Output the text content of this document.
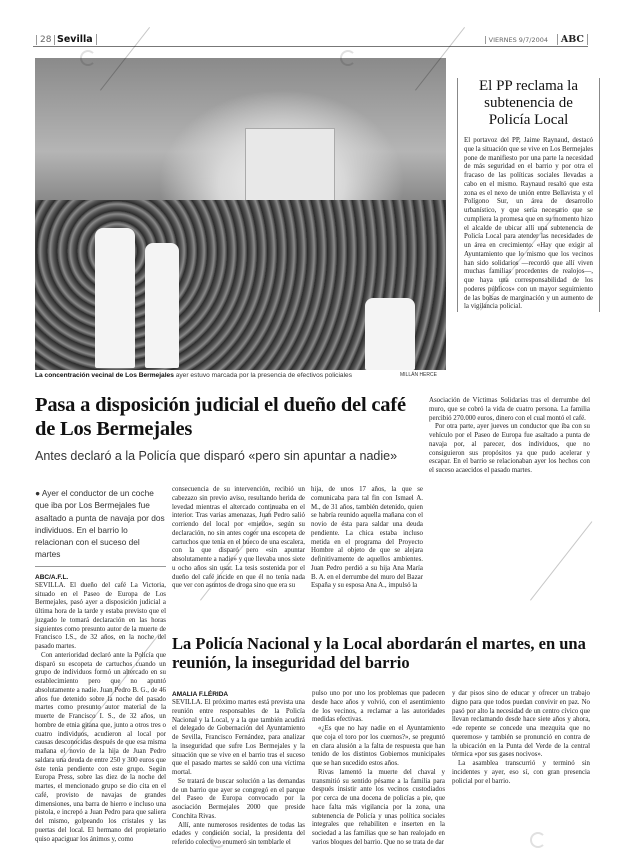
28 Sevilla	VIERNES 9/7/2004	ABC
La concentración vecinal de Los Bermejales ayer estuvo marcada por la presencia de efectivos policiales	MILLÁN HERCE
El PP reclama la subtenencia de Policía Local

El portavoz del PP, Jaime Raynaud, destacó que la situación que se vive en Los Bermejales pone de manifiesto por una parte la necesidad de más seguridad en el barrio y por otra el fracaso de las políticas sociales llevadas a cabo en el mismo. Raynaud resaltó que esta zona es el nexo de unión entre Bellavista y el Polígono Sur, un área de desarrollo urbanístico, y que sería necesario que se cumpliera la promesa que en su momento hizo el alcalde de ubicar allí una subtenencia de Policía Local para atender las necesidades de un área en crecimiento. «Hay que exigir al Ayuntamiento que lo mismo que los vecinos han sido solidarios —recordó que allí viven muchas familias procedentes de realojos—, que haya una corresponsabilidad de los poderes públicos» con un mayor seguimiento de las bolsas de marginación y un aumento de la vigilancia policial.

Pasa a disposición judicial el dueño del café de Los Bermejales
Antes declaró a la Policía que disparó «pero sin apuntar a nadie»
● Ayer el conductor de un coche que iba por Los Bermejales fue asaltado a punta de navaja por dos individuos. En el barrio lo relacionan con el suceso del martes
ABC/A.F.L.

SEVILLA. El dueño del café La Victoria, situado en el Paseo de Europa de Los Bermejales, pasó ayer a disposición judicial a última hora de la tarde y estaba previsto que el juzgado le tomará declaración en las horas siguientes como presunto autor de la muerte de Francisco I.S., de 32 años, en la noche del pasado martes.

Con anterioridad declaró ante la Policía que disparó su escopeta de cartuchos cuando un grupo de individuos formó un altercado en su establecimiento pero que no apuntó absolutamente a nadie. Juan Pedro B. G., de 46 años fue detenido sobre la noche del pasado martes como presunto autor material de la muerte de Francisco I. S., de 32 años, un hombre de etnia gitana que, junto a otros tres o cuatro individuos, acudieron al local por causas desconocidas después de que esa misma mañana el novio de la hija de Juan Pedro saldara una deuda de entre 250 y 300 euros que éste tenía pendiente con este grupo. Según Europa Press, sobre las diez de la noche del martes, el mencionado grupo se dio cita en el café, provisto de navajas de grandes dimensiones, una barra de hierro e incluso una pistola, e increpó a Juan Pedro para que saliera del mismo, golpeando los cristales y las puertas del local. El hermano del propietario quiso apaciguar los ánimos y, como

consecuencia de su intervención, recibió un cabezazo sin previo aviso, resultando herida de levedad mientras el altercado continuaba en el interior. Tras varias amenazas, Juan Pedro salió corriendo del local por «miedo», según su declaración, no sin antes coger una escopeta de cartuchos que tenía en el hueco de una escalera, con la que disparó pero «sin apuntar absolutamente a nadie» y que llevaba unos siete u ocho años sin usar. La tesis sostenida por el dueño del café incide en que él no tenía nada que ver con asuntos de droga sino que era su

hija, de unos 17 años, la que se comunicaba para tal fin con Ismael A. M., de 31 años, también detenido, quien se habría reunido aquella mañana con el novio de ésta para saldar una deuda pendiente. La chica estaba incluso metida en el programa del Proyecto Hombre al objeto de que se alejara definitivamente de aquellos ambientes. Juan Pedro perdió a su hija Ana María B. A. en el derrumbe del muro del Bazar España y su esposa Ana A., impulsó la

Asociación de Víctimas Solidarias tras el derrumbe del muro, que se cobró la vida de cuatro persona. La familia percibió 270.000 euros, dinero con el cual montó el café.

Por otra parte, ayer jueves un conductor que iba con su vehículo por el Paseo de Europa fue asaltado a punta de navaja por, al parecer, dos individuos, que no consiguieron sus propósitos ya que pudo acelerar y escapar. En el barrio se relacionaban ayer los hechos con el suceso acaecidos el pasado martes.

La Policía Nacional y la Local abordarán el martes, en una reunión, la inseguridad del barrio
AMALIA F.LÉRIDA

SEVILLA. El próximo martes está prevista una reunión entre responsables de la Policía Nacional y la Local, y a la que también acudirá el delegado de Gobernación del Ayuntamiento de Sevilla, Francisco Fernández, para analizar la inseguridad que sufre Los Bermejales y la situación que se vive en el barrio tras el suceso que el pasado martes se saldó con una víctima mortal.

Se tratará de buscar solución a las demandas de un barrio que ayer se congregó en el parque del Paseo de Europa convocado por la asociación Bermejales 2000 que preside Conchita Rivas.

Allí, ante numerosos residentes de todas las edades y condición social, la presidenta del referido colectivo enumeró sin temblarle el

pulso uno por uno los problemas que padecen desde hace años y volvió, con el asentimiento de los vecinos, a reclamar a las autoridades medidas efectivas.

«¿Es que no hay nadie en el Ayuntamiento que coja el toro por los cuernos?», se preguntó en clara alusión a la falta de respuesta que han tenido de los distintos Gobiernos municipales que se han sucedido estos años.

Rivas lamentó la muerte del chaval y transmitió su sentido pésame a la familia para después insistir ante los vecinos custodiados por cerca de una docena de policías a pie, que hace falta más vigilancia por la zona, una subtenencia de Policía y unas política sociales integrales que rehabiliten e inserten en la sociedad a las familias que se han realojado en varios bloques del barrio. Que no se trata de dar

y dar pisos sino de educar y ofrecer un trabajo digno para que todos puedan convivir en paz. No pasó por alto la necesidad de un centro cívico que llevan reclamando desde hace siete años y ahora, «de repente se concede una mezquita que no queremos» y también se pronunció en contra de la ubicación en la Punta del Verde de la central térmica «por sus gases nocivos».

La asamblea transcurrió y terminó sin incidentes y ayer, eso sí, con gran presencia policial por el barrio.
